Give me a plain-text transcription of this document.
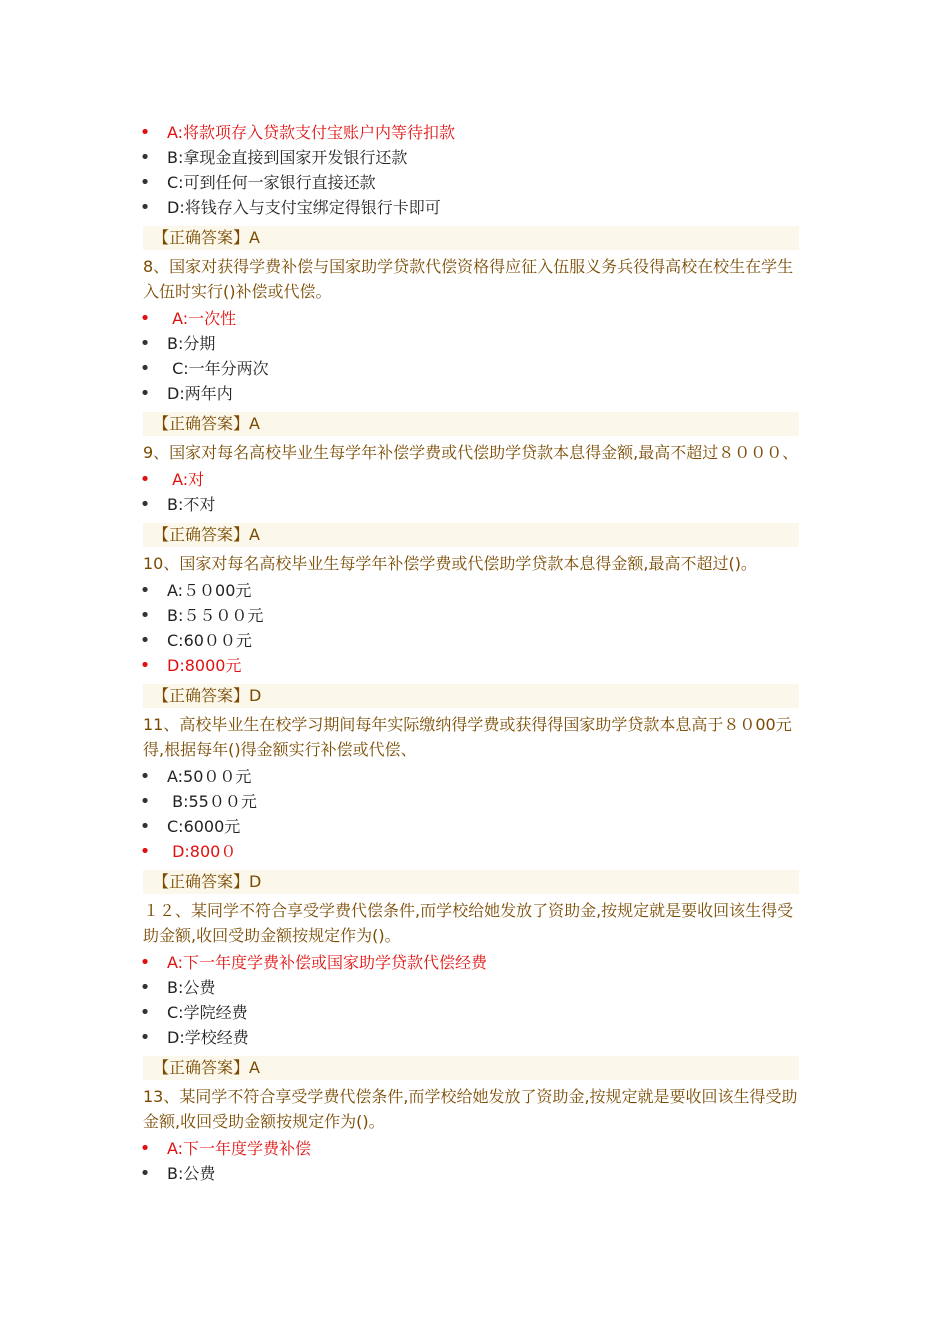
• A:将款项存入贷款支付宝账户内等待扣款
• B:拿现金直接到国家开发银行还款
• C:可到任何一家银行直接还款
• D:将钱存入与支付宝绑定得银行卡即可
【正确答案】A
8、国家对获得学费补偿与国家助学贷款代偿资格得应征入伍服义务兵役得高校在校生在学生入伍时实行()补偿或代偿。
• A:一次性
• B:分期
• C:一年分两次
• D:两年内
【正确答案】A
9、国家对每名高校毕业生每学年补偿学费或代偿助学贷款本息得金额,最高不超过８０００、
• A:对
• B:不对
【正确答案】A
10、国家对每名高校毕业生每学年补偿学费或代偿助学贷款本息得金额,最高不超过()。
• A:５０00元
• B:５５００元
• C:60００元
• D:8000元
【正确答案】D
11、高校毕业生在校学习期间每年实际缴纳得学费或获得得国家助学贷款本息高于８０00元得,根据每年()得金额实行补偿或代偿、
• A:50００元
• B:55００元
• C:6000元
• D:800０
【正确答案】D
１２、某同学不符合享受学费代偿条件,而学校给她发放了资助金,按规定就是要收回该生得受助金额,收回受助金额按规定作为()。
• A:下一年度学费补偿或国家助学贷款代偿经费
• B:公费
• C:学院经费
• D:学校经费
【正确答案】A
13、某同学不符合享受学费代偿条件,而学校给她发放了资助金,按规定就是要收回该生得受助金额,收回受助金额按规定作为()。
• A:下一年度学费补偿
• B:公费
